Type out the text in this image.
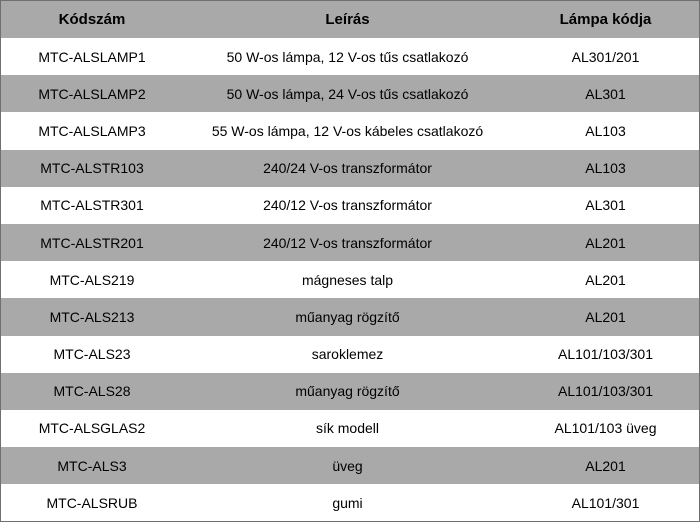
Kódszám	Leírás	Lámpa kódja
MTC-ALSLAMP1	50 W-os lámpa, 12 V-os tűs csatlakozó	AL301/201
MTC-ALSLAMP2	50 W-os lámpa, 24 V-os tűs csatlakozó	AL301
MTC-ALSLAMP3	55 W-os lámpa, 12 V-os kábeles csatlakozó	AL103
MTC-ALSTR103	240/24 V-os transzformátor	AL103
MTC-ALSTR301	240/12 V-os transzformátor	AL301
MTC-ALSTR201	240/12 V-os transzformátor	AL201
MTC-ALS219	mágneses talp	AL201
MTC-ALS213	műanyag rögzítő	AL201
MTC-ALS23	saroklemez	AL101/103/301
MTC-ALS28	műanyag rögzítő	AL101/103/301
MTC-ALSGLAS2	sík modell	AL101/103 üveg
MTC-ALS3	üveg	AL201
MTC-ALSRUB	gumi	AL101/301
